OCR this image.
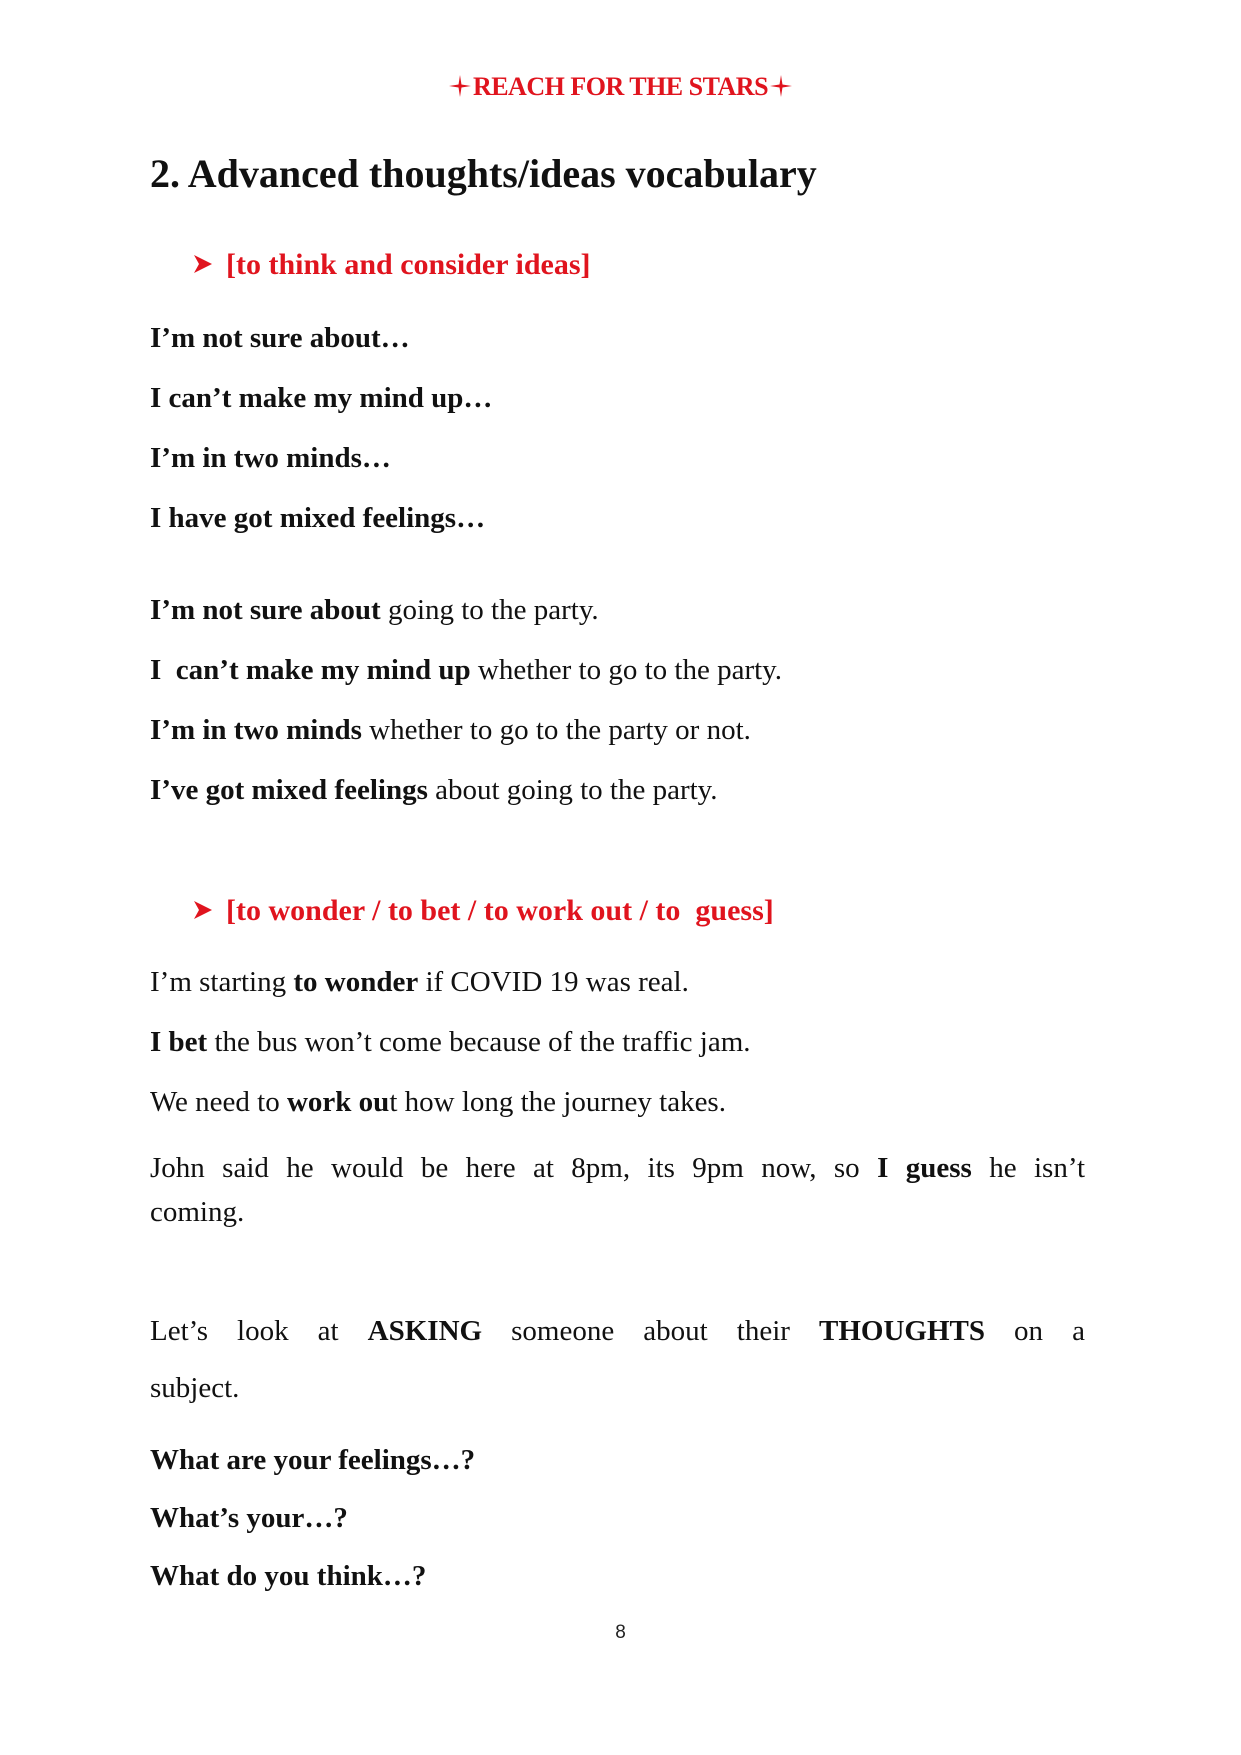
REACH FOR THE STARS
2. Advanced thoughts/ideas vocabulary
[to think and consider ideas]
I’m not sure about…
I can’t make my mind up…
I’m in two minds…
I have got mixed feelings…
I’m not sure about going to the party.
I  can’t make my mind up whether to go to the party.
I’m in two minds whether to go to the party or not.
I’ve got mixed feelings about going to the party.
[to wonder / to bet / to work out / to  guess]
I’m starting to wonder if COVID 19 was real.
I bet the bus won’t come because of the traffic jam.
We need to work out how long the journey takes.
John said he would be here at 8pm, its 9pm now, so I guess he isn’t
coming.
Let’s look at ASKING someone about their THOUGHTS on a
subject.
What are your feelings…?
What’s your…?
What do you think…?
8
